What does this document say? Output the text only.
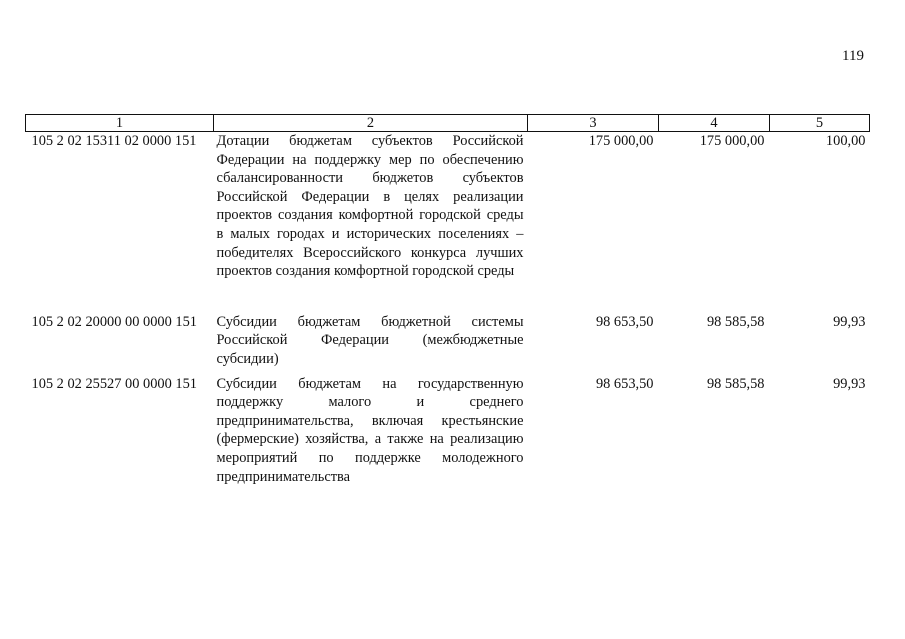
119
1	2	3	4	5
105 2 02 15311 02 0000 151	Дотации бюджетам субъектов Российской Федерации на поддержку мер по обеспечению сбалансированности бюджетов субъектов Российской Федерации в целях реализации проектов создания комфортной городской среды в малых городах и исторических поселениях – победителях Всероссийского конкурса лучших проектов создания комфортной городской среды	175 000,00	175 000,00	100,00
105 2 02 20000 00 0000 151	Субсидии бюджетам бюджетной системы Российской Федерации (межбюджетные субсидии)	98 653,50	98 585,58	99,93
105 2 02 25527 00 0000 151	Субсидии бюджетам на государственную поддержку малого и среднего предпринимательства, включая крестьянские (фермерские) хозяйства, а также на реализацию мероприятий по поддержке молодежного предпринимательства	98 653,50	98 585,58	99,93
